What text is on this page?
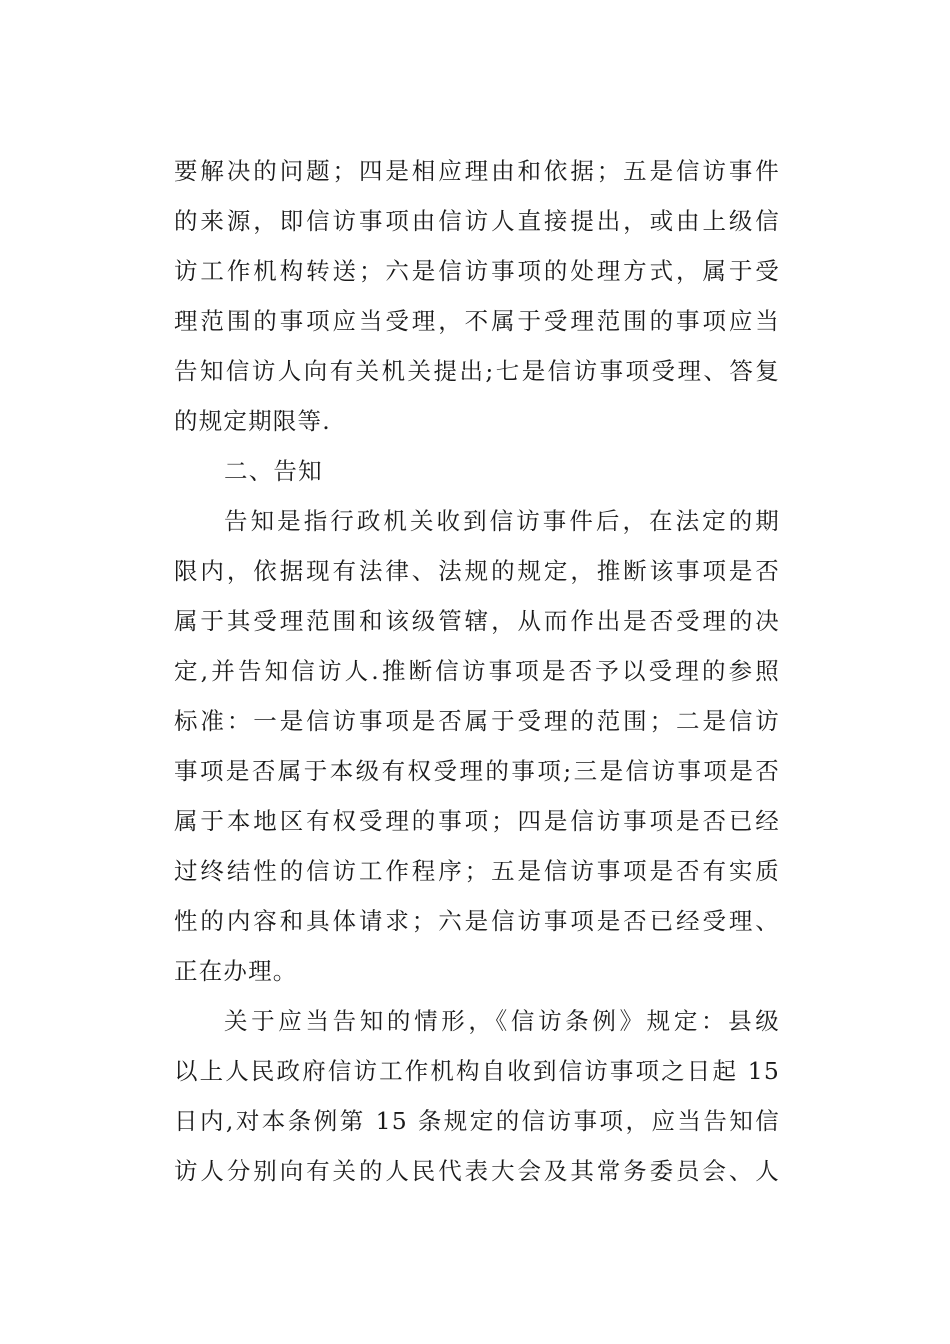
要解决的问题；四是相应理由和依据；五是信访事件
的来源，即信访事项由信访人直接提出，或由上级信
访工作机构转送；六是信访事项的处理方式，属于受
理范围的事项应当受理，不属于受理范围的事项应当
告知信访人向有关机关提出;七是信访事项受理、答复
的规定期限等.
二、告知
告知是指行政机关收到信访事件后，在法定的期
限内，依据现有法律、法规的规定，推断该事项是否
属于其受理范围和该级管辖，从而作出是否受理的决
定,并告知信访人.推断信访事项是否予以受理的参照
标准：一是信访事项是否属于受理的范围；二是信访
事项是否属于本级有权受理的事项;三是信访事项是否
属于本地区有权受理的事项；四是信访事项是否已经
过终结性的信访工作程序；五是信访事项是否有实质
性的内容和具体请求；六是信访事项是否已经受理、
正在办理。
关于应当告知的情形，《信访条例》规定：县级
以上人民政府信访工作机构自收到信访事项之日起 15
日内,对本条例第 15 条规定的信访事项，应当告知信
访人分别向有关的人民代表大会及其常务委员会、人
